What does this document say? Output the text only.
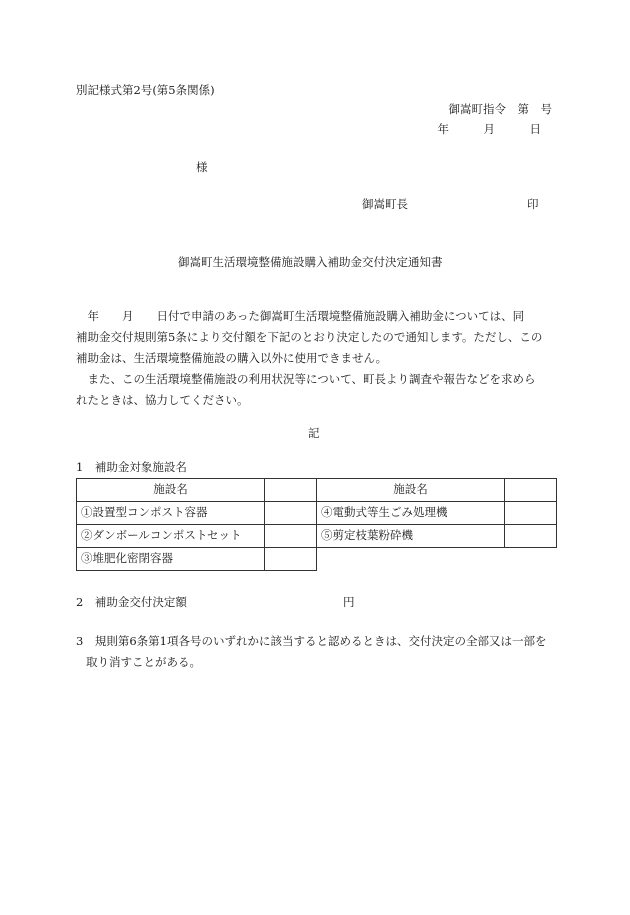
別記様式第2号(第5条関係)
御嵩町指令　第　号
年　　　月　　　日
様
御嵩町長	印
御嵩町生活環境整備施設購入補助金交付決定通知書
　年　　月　　日付で申請のあった御嵩町生活環境整備施設購入補助金については、同
補助金交付規則第5条により交付額を下記のとおり決定したので通知します。ただし、この
補助金は、生活環境整備施設の購入以外に使用できません。
　また、この生活環境整備施設の利用状況等について、町長より調査や報告などを求めら
れたときは、協力してください。
記
1　補助金対象施設名
施設名		施設名	
①設置型コンポスト容器		④電動式等生ごみ処理機	
②ダンボールコンポストセット		⑤剪定枝葉粉砕機	
③堆肥化密閉容器			
2　補助金交付決定額	円
3　規則第6条第1項各号のいずれかに該当すると認めるときは、交付決定の全部又は一部を
取り消すことがある。
